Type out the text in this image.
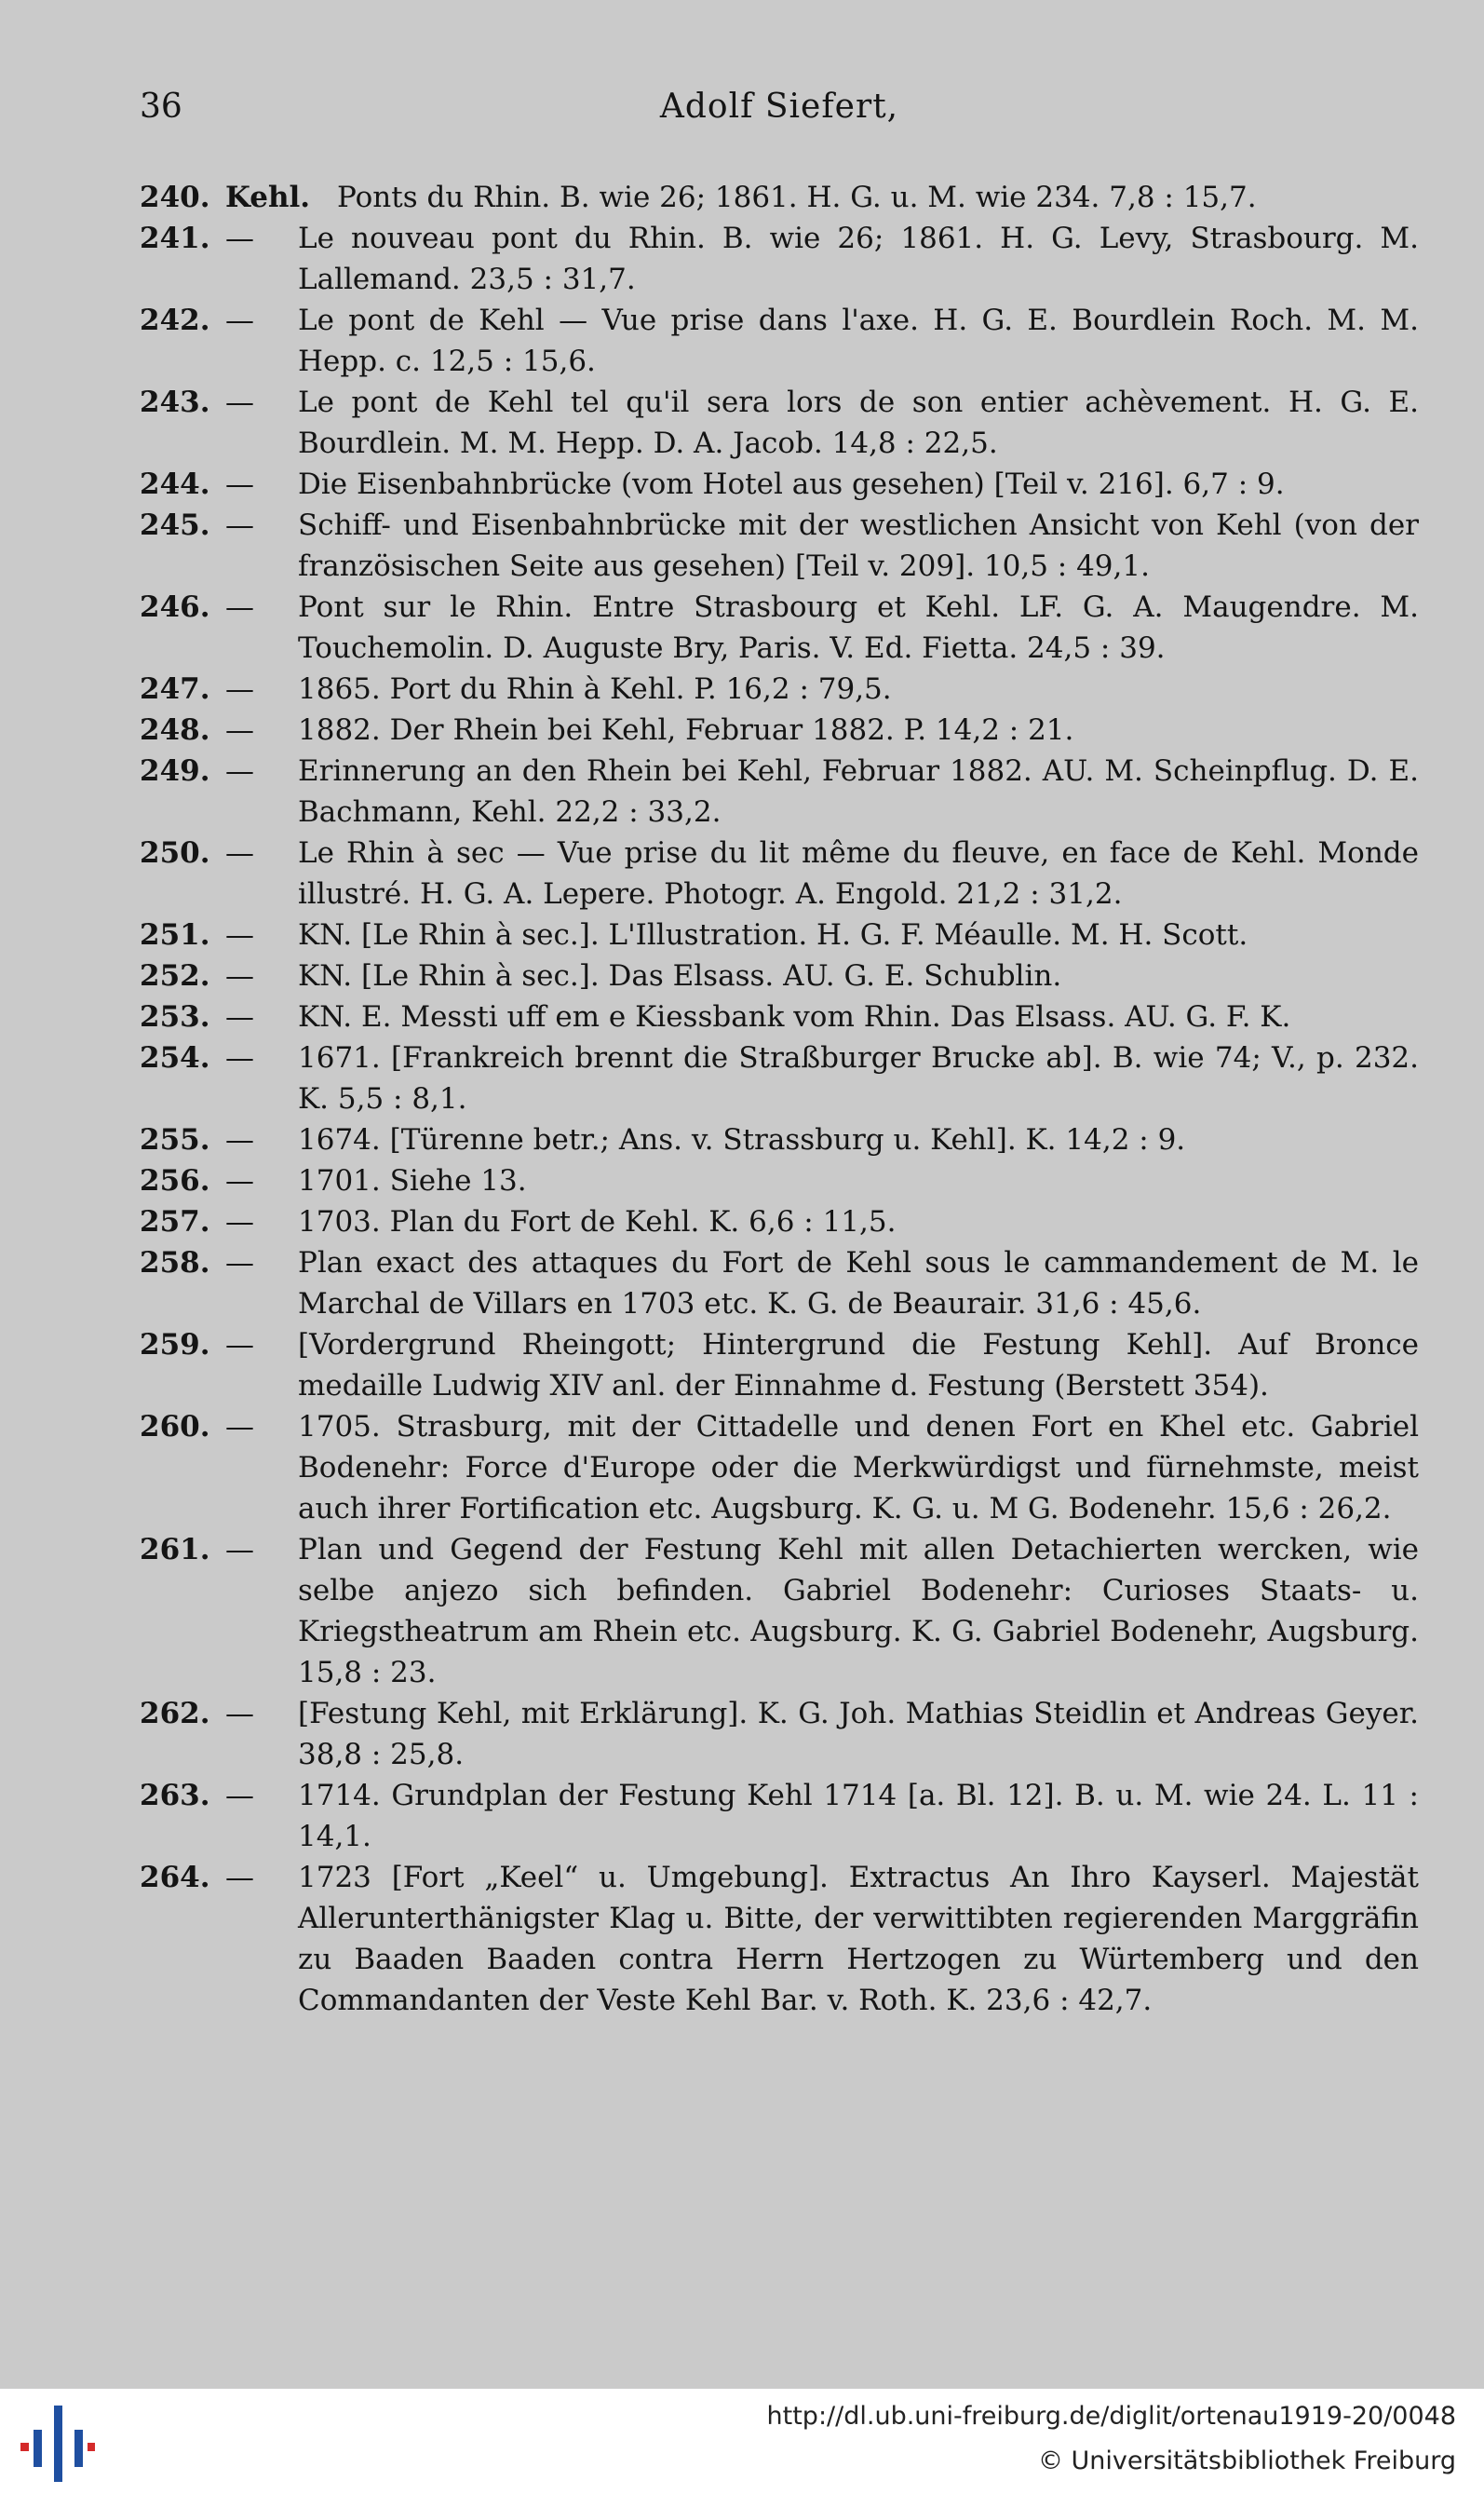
36	Adolf Siefert,
240. Kehl. Ponts du Rhin. B. wie 26; 1861. H. G. u. M. wie 234. 7,8 : 15,7.
241. — Le nouveau pont du Rhin. B. wie 26; 1861. H. G. Levy, Strasbourg. M. Lallemand. 23,5 : 31,7.
242. — Le pont de Kehl — Vue prise dans l'axe. H. G. E. Bourdlein Roch. M. M. Hepp. c. 12,5 : 15,6.
243. — Le pont de Kehl tel qu'il sera lors de son entier achèvement. H. G. E. Bourdlein. M. M. Hepp. D. A. Jacob. 14,8 : 22,5.
244. — Die Eisenbahnbrücke (vom Hotel aus gesehen) [Teil v. 216]. 6,7 : 9.
245. — Schiff- und Eisenbahnbrücke mit der westlichen Ansicht von Kehl (von der französischen Seite aus gesehen) [Teil v. 209]. 10,5 : 49,1.
246. — Pont sur le Rhin. Entre Strasbourg et Kehl. LF. G. A. Maugendre. M. Touchemolin. D. Auguste Bry, Paris. V. Ed. Fietta. 24,5 : 39.
247. — 1865. Port du Rhin à Kehl. P. 16,2 : 79,5.
248. — 1882. Der Rhein bei Kehl, Februar 1882. P. 14,2 : 21.
249. — Erinnerung an den Rhein bei Kehl, Februar 1882. AU. M. Scheinpflug. D. E. Bachmann, Kehl. 22,2 : 33,2.
250. — Le Rhin à sec — Vue prise du lit même du fleuve, en face de Kehl. Monde illustré. H. G. A. Lepere. Photogr. A. Engold. 21,2 : 31,2.
251. — KN. [Le Rhin à sec.]. L'Illustration. H. G. F. Méaulle. M. H. Scott.
252. — KN. [Le Rhin à sec.]. Das Elsass. AU. G. E. Schublin.
253. — KN. E. Messti uff em e Kiessbank vom Rhin. Das Elsass. AU. G. F. K.
254. — 1671. [Frankreich brennt die Straßburger Brucke ab]. B. wie 74; V., p. 232. K. 5,5 : 8,1.
255. — 1674. [Türenne betr.; Ans. v. Strassburg u. Kehl]. K. 14,2 : 9.
256. — 1701. Siehe 13.
257. — 1703. Plan du Fort de Kehl. K. 6,6 : 11,5.
258. — Plan exact des attaques du Fort de Kehl sous le cammandement de M. le Marchal de Villars en 1703 etc. K. G. de Beaurair. 31,6 : 45,6.
259. — [Vordergrund Rheingott; Hintergrund die Festung Kehl]. Auf Bronce medaille Ludwig XIV anl. der Einnahme d. Festung (Berstett 354).
260. — 1705. Strasburg, mit der Cittadelle und denen Fort en Khel etc. Gabriel Bodenehr: Force d'Europe oder die Merkwürdigst und fürnehmste, meist auch ihrer Fortification etc. Augsburg. K. G. u. M G. Bodenehr. 15,6 : 26,2.
261. — Plan und Gegend der Festung Kehl mit allen Detachierten wercken, wie selbe anjezo sich befinden. Gabriel Bodenehr: Curioses Staats- u. Kriegstheatrum am Rhein etc. Augsburg. K. G. Gabriel Bodenehr, Augsburg. 15,8 : 23.
262. — [Festung Kehl, mit Erklärung]. K. G. Joh. Mathias Steidlin et Andreas Geyer. 38,8 : 25,8.
263. — 1714. Grundplan der Festung Kehl 1714 [a. Bl. 12]. B. u. M. wie 24. L. 11 : 14,1.
264. — 1723 [Fort „Keel“ u. Umgebung]. Extractus An Ihro Kayserl. Majestät Allerunterthänigster Klag u. Bitte, der verwittibten regierenden Marggräfin zu Baaden Baaden contra Herrn Hertzogen zu Würtemberg und den Commandanten der Veste Kehl Bar. v. Roth. K. 23,6 : 42,7.
http://dl.ub.uni-freiburg.de/diglit/ortenau1919-20/0048
© Universitätsbibliothek Freiburg
